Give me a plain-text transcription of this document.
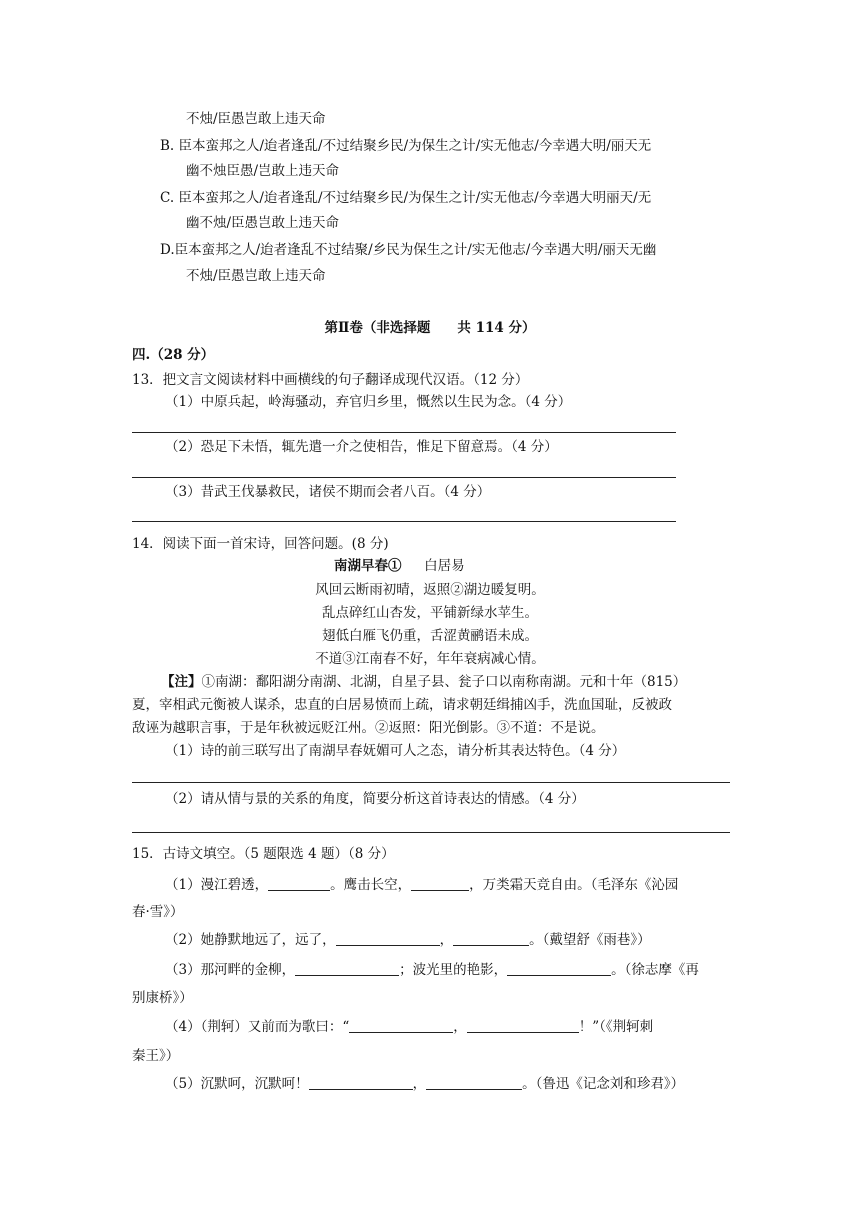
不烛/臣愚岂敢上违天命
B. 臣本蛮邦之人/迨者逢乱/不过结聚乡民/为保生之计/实无他志/今幸遇大明/丽天无
幽不烛臣愚/岂敢上违天命
C. 臣本蛮邦之人/迨者逢乱/不过结聚乡民/为保生之计/实无他志/今幸遇大明丽天/无
幽不烛/臣愚岂敢上违天命
D.臣本蛮邦之人/迨者逢乱不过结聚/乡民为保生之计/实无他志/今幸遇大明/丽天无幽
不烛/臣愚岂敢上违天命
第Ⅱ卷（非选择题　　共 114 分）
四.（28 分）
13．把文言文阅读材料中画横线的句子翻译成现代汉语。（12 分）
（1）中原兵起，岭海骚动，弃官归乡里，慨然以生民为念。（4 分）
（2）恐足下未悟，辄先遣一介之使相告，惟足下留意焉。（4 分）
（3）昔武王伐暴救民，诸侯不期而会者八百。（4 分）
14．阅读下面一首宋诗，回答问题。(8 分)
南湖早春① 白居易
风回云断雨初晴，返照②湖边暖复明。
乱点碎红山杏发，平铺新绿水苹生。
翅低白雁飞仍重，舌涩黄鹂语未成。
不道③江南春不好，年年衰病减心情。
【注】①南湖：鄱阳湖分南湖、北湖，自星子县、瓮子口以南称南湖。元和十年（815）
夏，宰相武元衡被人谋杀，忠直的白居易愤而上疏，请求朝廷缉捕凶手，洗血国耻，反被政
敌诬为越职言事，于是年秋被远贬江州。②返照：阳光倒影。③不道：不是说。
（1）诗的前三联写出了南湖早春妩媚可人之态，请分析其表达特色。（4 分）
（2）请从情与景的关系的角度，简要分析这首诗表达的情感。（4 分）
15．古诗文填空。（5 题限选 4 题）（8 分）
（1）漫江碧透，	。鹰击长空，	，万类霜天竞自由。（毛泽东《沁园
春·雪》）
（2）她静默地远了，远了，	，	。（戴望舒《雨巷》）
（3）那河畔的金柳，	；波光里的艳影，	。（徐志摩《再
别康桥》）
（4）（荆轲）又前而为歌曰：“	，	！”（《荆轲刺
秦王》）
（5）沉默呵，沉默呵！	，	。（鲁迅《记念刘和珍君》）
